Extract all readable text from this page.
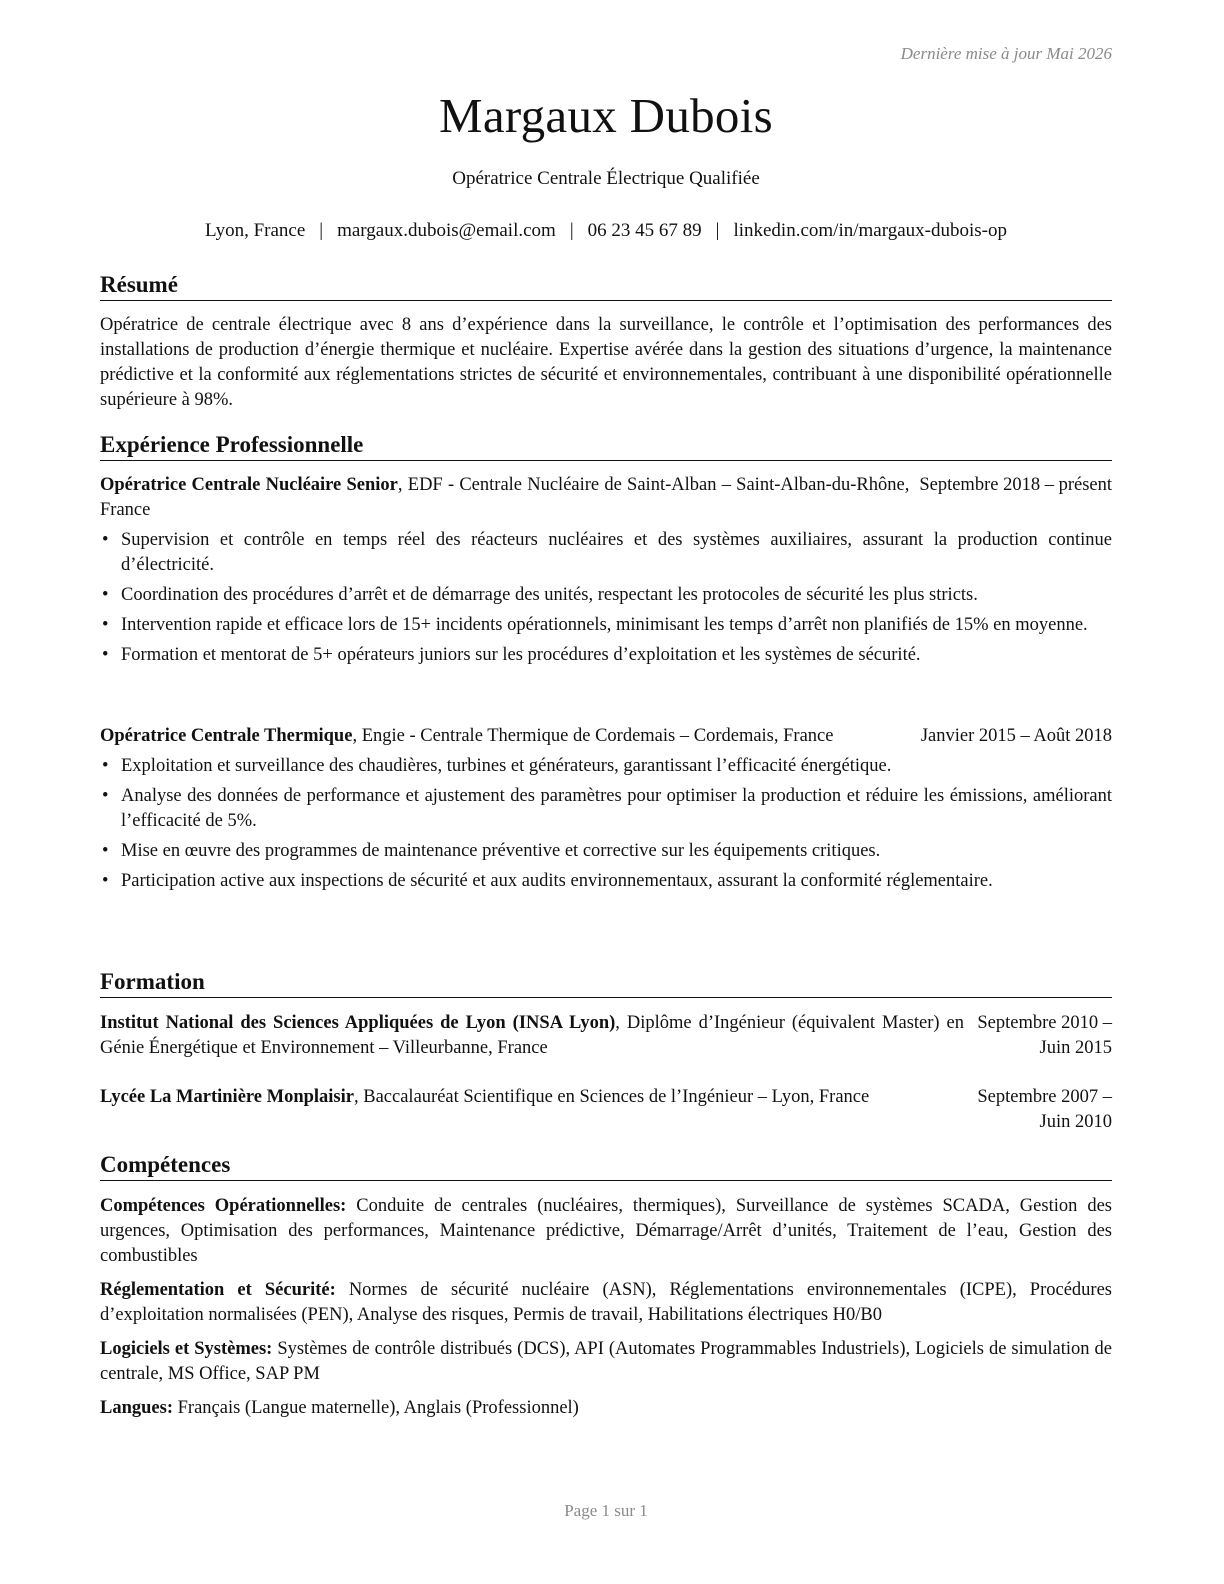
Dernière mise à jour Mai 2026
Margaux Dubois
Opératrice Centrale Électrique Qualifiée
Lyon, France | margaux.dubois@email.com | 06 23 45 67 89 | linkedin.com/in/margaux-dubois-op
Résumé
Opératrice de centrale électrique avec 8 ans d’expérience dans la surveillance, le contrôle et l’optimisation des performances des installations de production d’énergie thermique et nucléaire. Expertise avérée dans la gestion des situations d’urgence, la maintenance prédictive et la conformité aux réglementations strictes de sécurité et environnementales, contribuant à une disponibilité opérationnelle supérieure à 98%.
Expérience Professionnelle
Opératrice Centrale Nucléaire Senior, EDF - Centrale Nucléaire de Saint-Alban – Saint-Alban-du-Rhône, France
Septembre 2018 – présent
• Supervision et contrôle en temps réel des réacteurs nucléaires et des systèmes auxiliaires, assurant la production continue d’électricité.
• Coordination des procédures d’arrêt et de démarrage des unités, respectant les protocoles de sécurité les plus stricts.
• Intervention rapide et efficace lors de 15+ incidents opérationnels, minimisant les temps d’arrêt non planifiés de 15% en moyenne.
• Formation et mentorat de 5+ opérateurs juniors sur les procédures d’exploitation et les systèmes de sécurité.
Opératrice Centrale Thermique, Engie - Centrale Thermique de Cordemais – Cordemais, France	Janvier 2015 – Août 2018
• Exploitation et surveillance des chaudières, turbines et générateurs, garantissant l’efficacité énergétique.
• Analyse des données de performance et ajustement des paramètres pour optimiser la production et réduire les émissions, améliorant l’efficacité de 5%.
• Mise en œuvre des programmes de maintenance préventive et corrective sur les équipements critiques.
• Participation active aux inspections de sécurité et aux audits environnementaux, assurant la conformité réglementaire.
Formation
Institut National des Sciences Appliquées de Lyon (INSA Lyon), Diplôme d’Ingénieur (équivalent Master) en Génie Énergétique et Environnement – Villeurbanne, France
Septembre 2010 – Juin 2015
Lycée La Martinière Monplaisir, Baccalauréat Scientifique en Sciences de l’Ingénieur – Lyon, France	Septembre 2007 – Juin 2010
Compétences
Compétences Opérationnelles: Conduite de centrales (nucléaires, thermiques), Surveillance de systèmes SCADA, Gestion des urgences, Optimisation des performances, Maintenance prédictive, Démarrage/Arrêt d’unités, Traitement de l’eau, Gestion des combustibles
Réglementation et Sécurité: Normes de sécurité nucléaire (ASN), Réglementations environnementales (ICPE), Procédures d’exploitation normalisées (PEN), Analyse des risques, Permis de travail, Habilitations électriques H0/B0
Logiciels et Systèmes: Systèmes de contrôle distribués (DCS), API (Automates Programmables Industriels), Logiciels de simulation de centrale, MS Office, SAP PM
Langues: Français (Langue maternelle), Anglais (Professionnel)
Page 1 sur 1
